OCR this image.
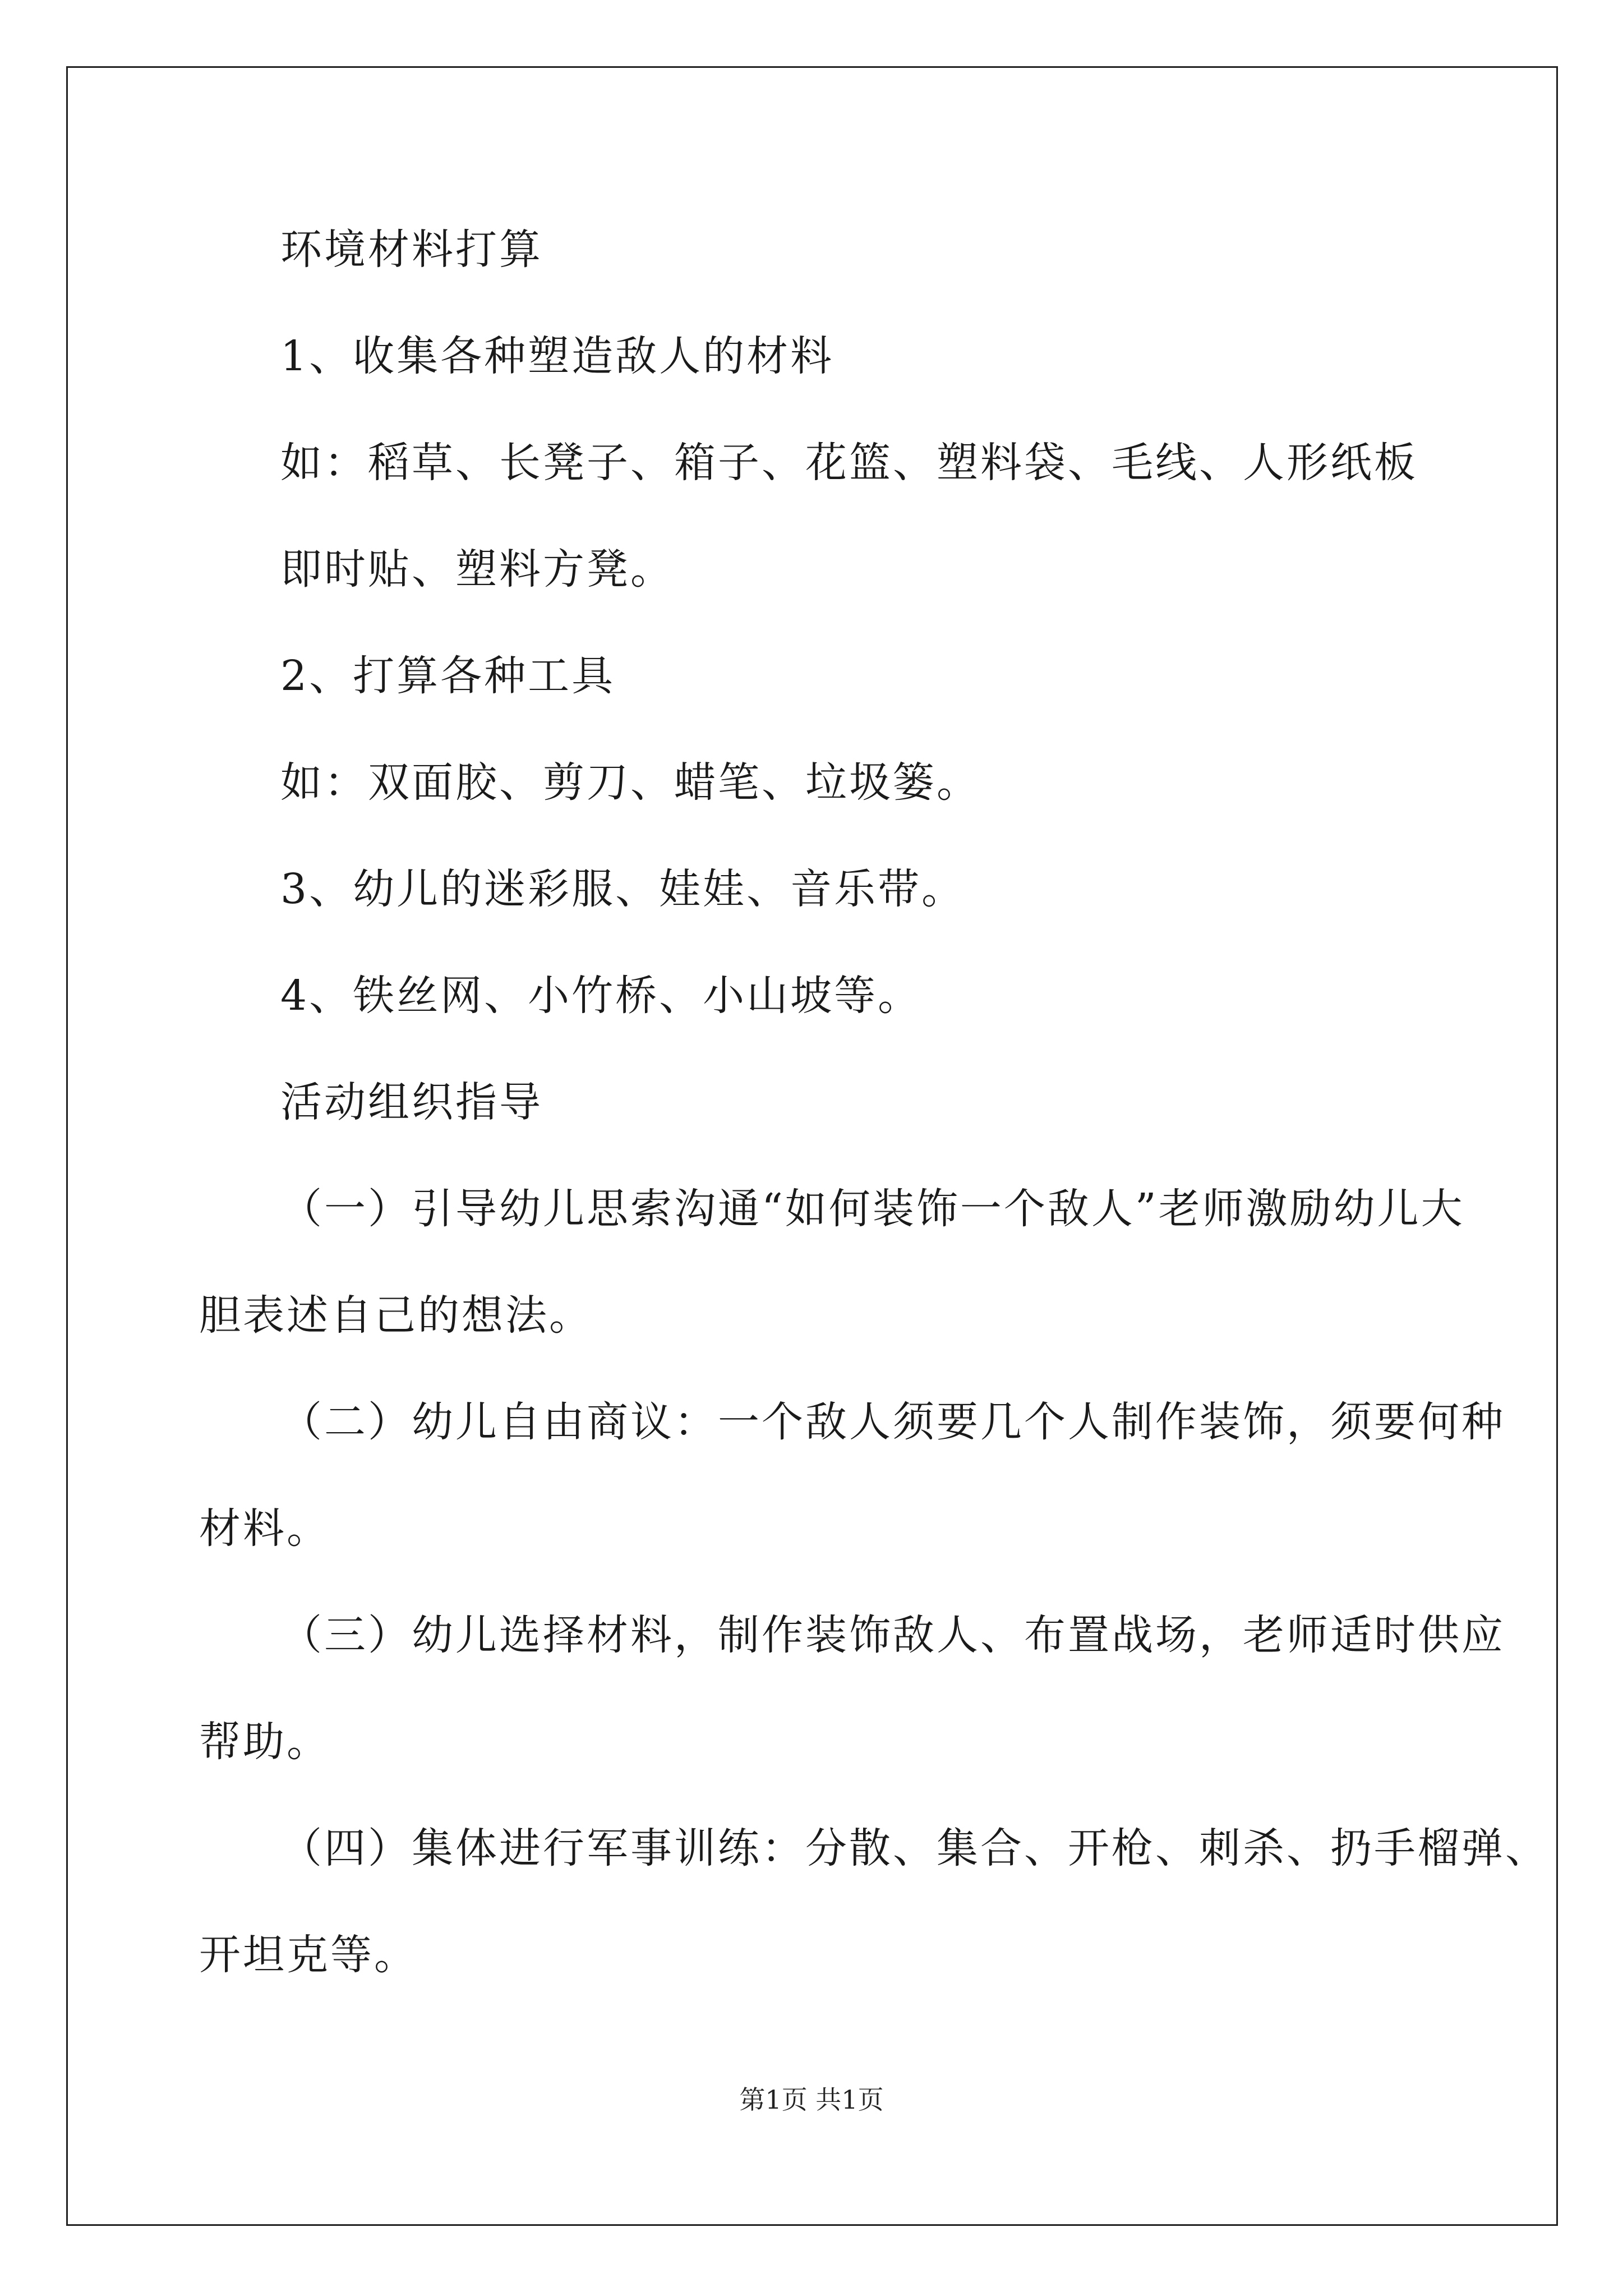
环境材料打算
1、收集各种塑造敌人的材料
如：稻草、长凳子、箱子、花篮、塑料袋、毛线、人形纸板
即时贴、塑料方凳。
2、打算各种工具
如：双面胶、剪刀、蜡笔、垃圾篓。
3、幼儿的迷彩服、娃娃、音乐带。
4、铁丝网、小竹桥、小山坡等。
活动组织指导
（一）引导幼儿思索沟通“如何装饰一个敌人”老师激励幼儿大
胆表述自己的想法。
（二）幼儿自由商议：一个敌人须要几个人制作装饰，须要何种
材料。
（三）幼儿选择材料，制作装饰敌人、布置战场，老师适时供应
帮助。
（四）集体进行军事训练：分散、集合、开枪、刺杀、扔手榴弹、
开坦克等。
第1页 共1页
